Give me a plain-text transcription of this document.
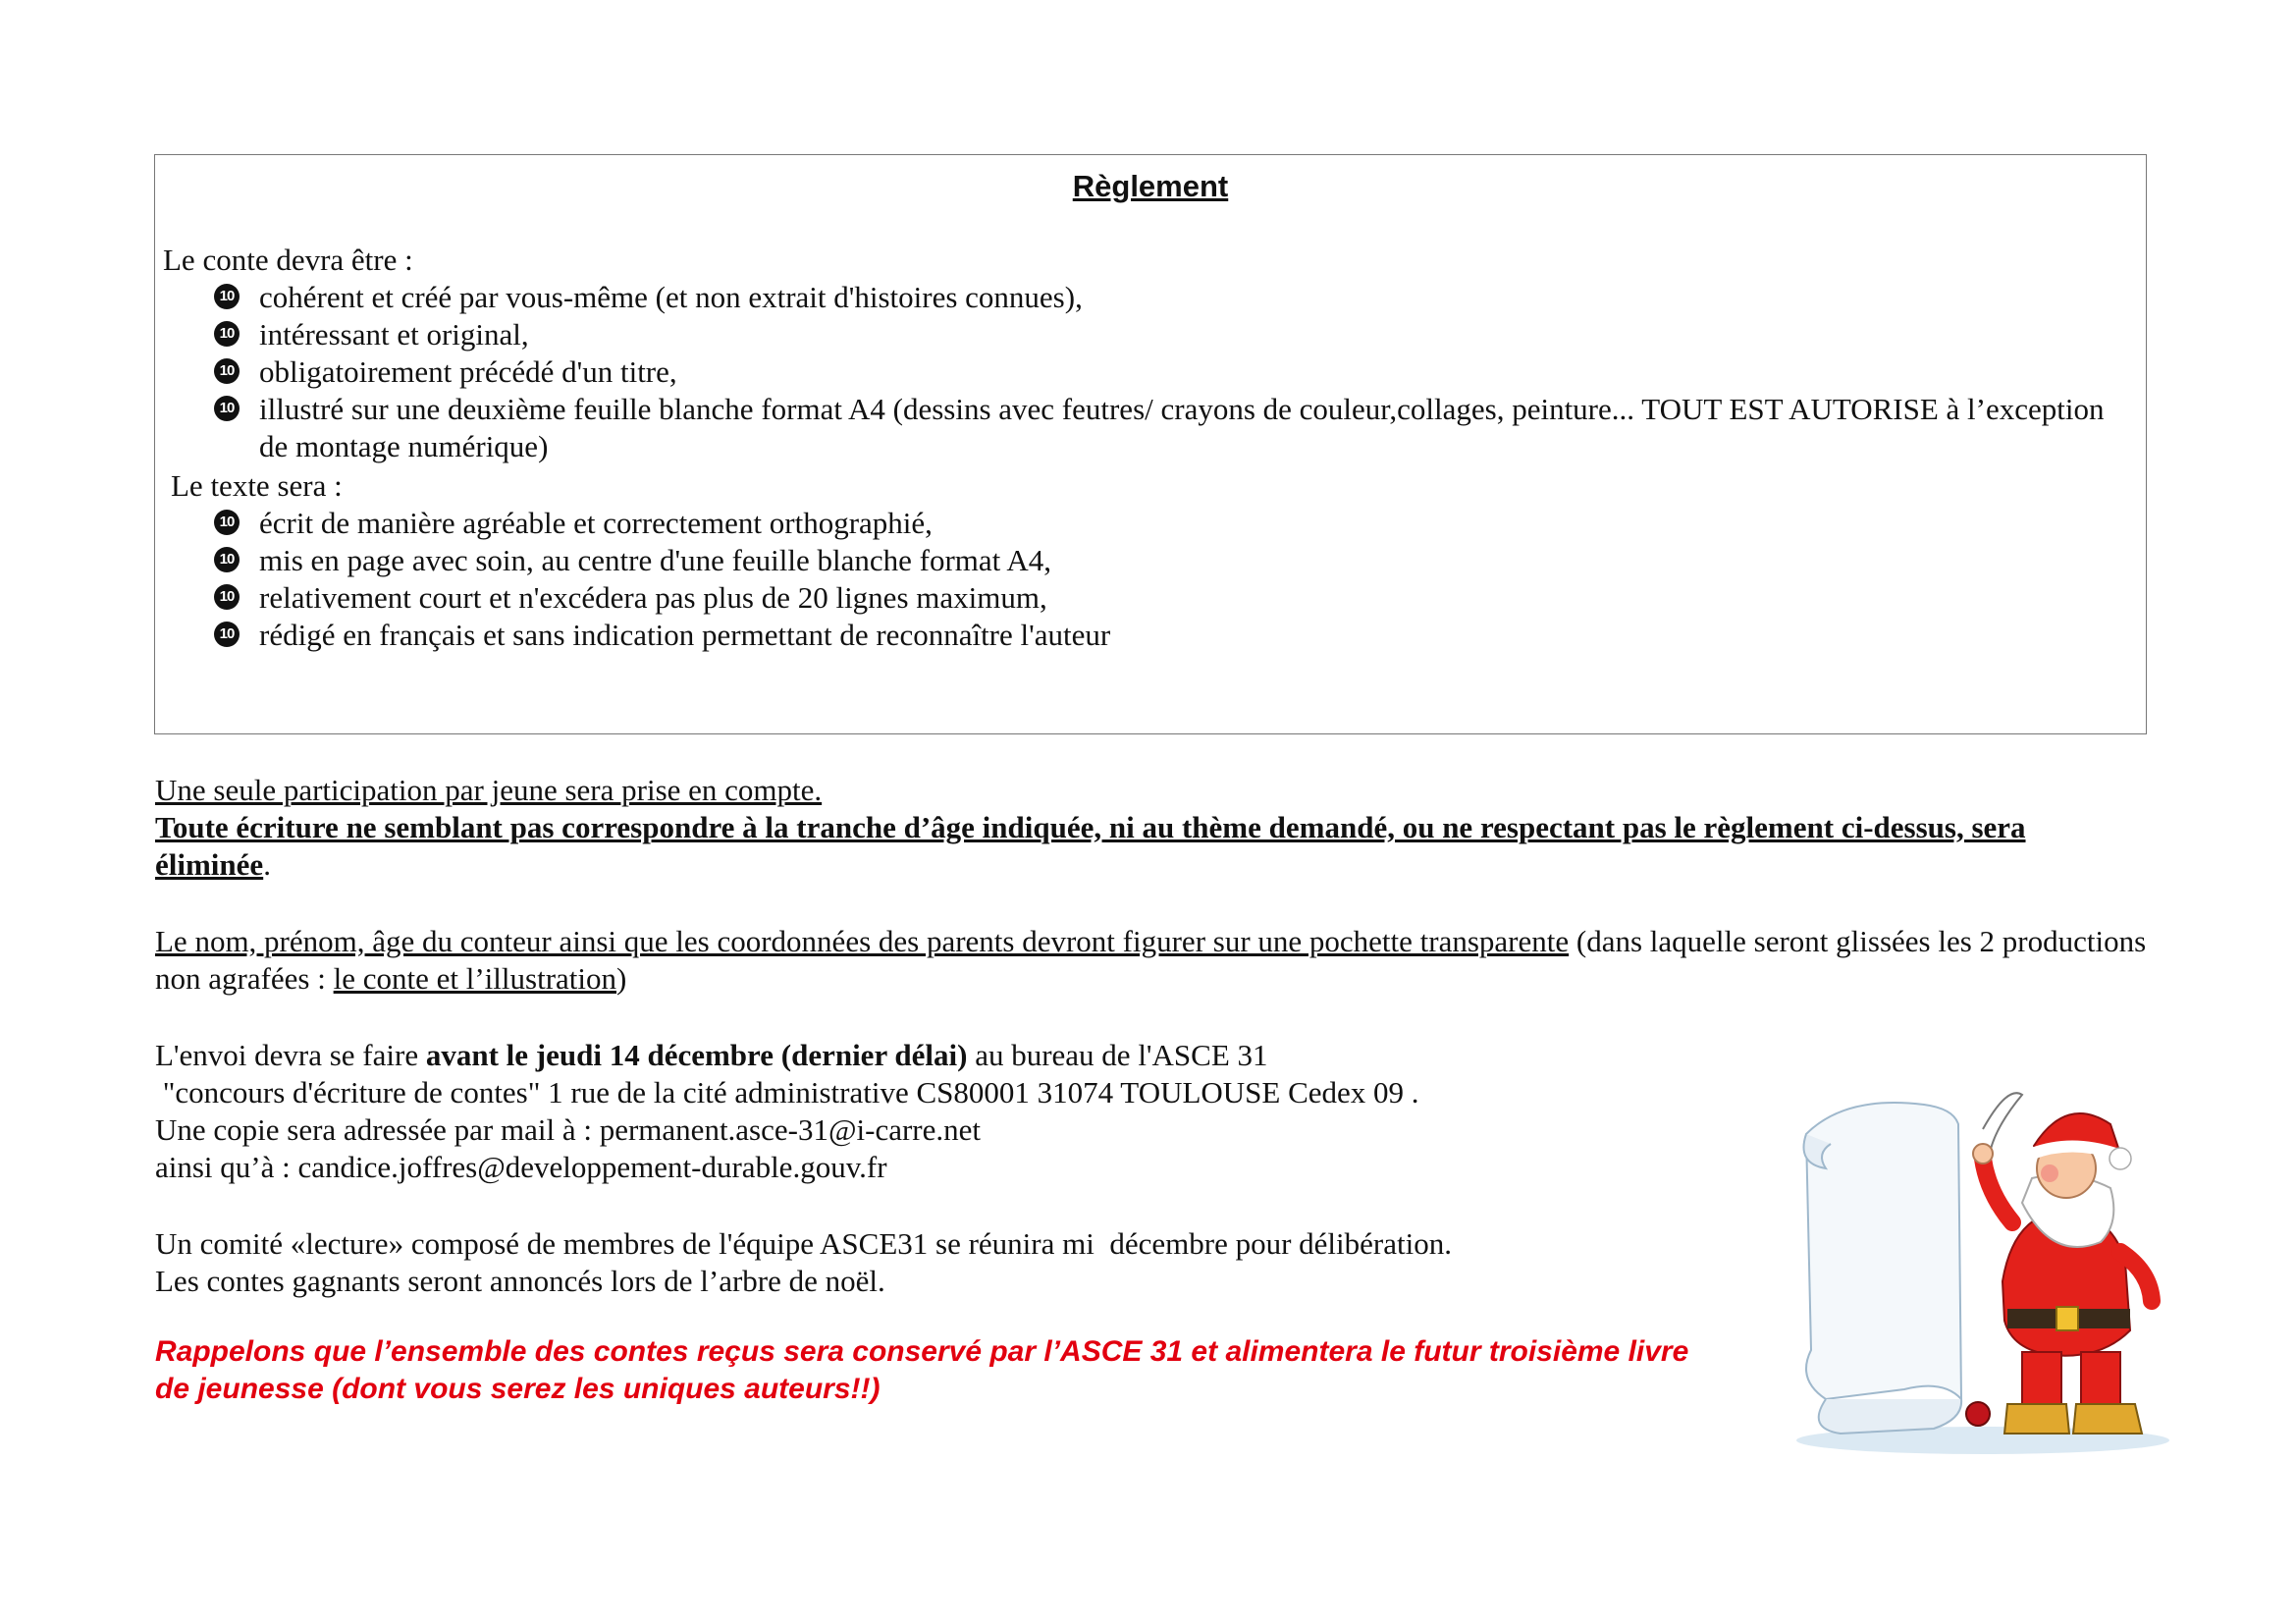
Règlement
Le conte devra être :
10 cohérent et créé par vous-même (et non extrait d'histoires connues),
10 intéressant et original,
10 obligatoirement précédé d'un titre,
10 illustré sur une deuxième feuille blanche format A4 (dessins avec feutres/ crayons de couleur,collages, peinture... TOUT EST AUTORISE à l’exception de montage numérique)
Le texte sera :
10 écrit de manière agréable et correctement orthographié,
10 mis en page avec soin, au centre d'une feuille blanche format A4,
10 relativement court et n'excédera pas plus de 20 lignes maximum,
10 rédigé en français et sans indication permettant de reconnaître l'auteur
Une seule participation par jeune sera prise en compte.
Toute écriture ne semblant pas correspondre à la tranche d’âge indiquée, ni au thème demandé, ou ne respectant pas le règlement ci-dessus, sera éliminée.
Le nom, prénom, âge du conteur ainsi que les coordonnées des parents devront figurer sur une pochette transparente (dans laquelle seront glissées les 2 productions non agrafées : le conte et l’illustration)
L'envoi devra se faire avant le jeudi 14 décembre (dernier délai) au bureau de l'ASCE 31
"concours d'écriture de contes" 1 rue de la cité administrative CS80001 31074 TOULOUSE Cedex 09 .
Une copie sera adressée par mail à : permanent.asce-31@i-carre.net
ainsi qu’à : candice.joffres@developpement-durable.gouv.fr
Un comité «lecture» composé de membres de l'équipe ASCE31 se réunira mi  décembre pour délibération.
Les contes gagnants seront annoncés lors de l’arbre de noël.
Rappelons que l’ensemble des contes reçus sera conservé par l’ASCE 31 et alimentera le futur troisième livre de jeunesse (dont vous serez les uniques auteurs!!)
